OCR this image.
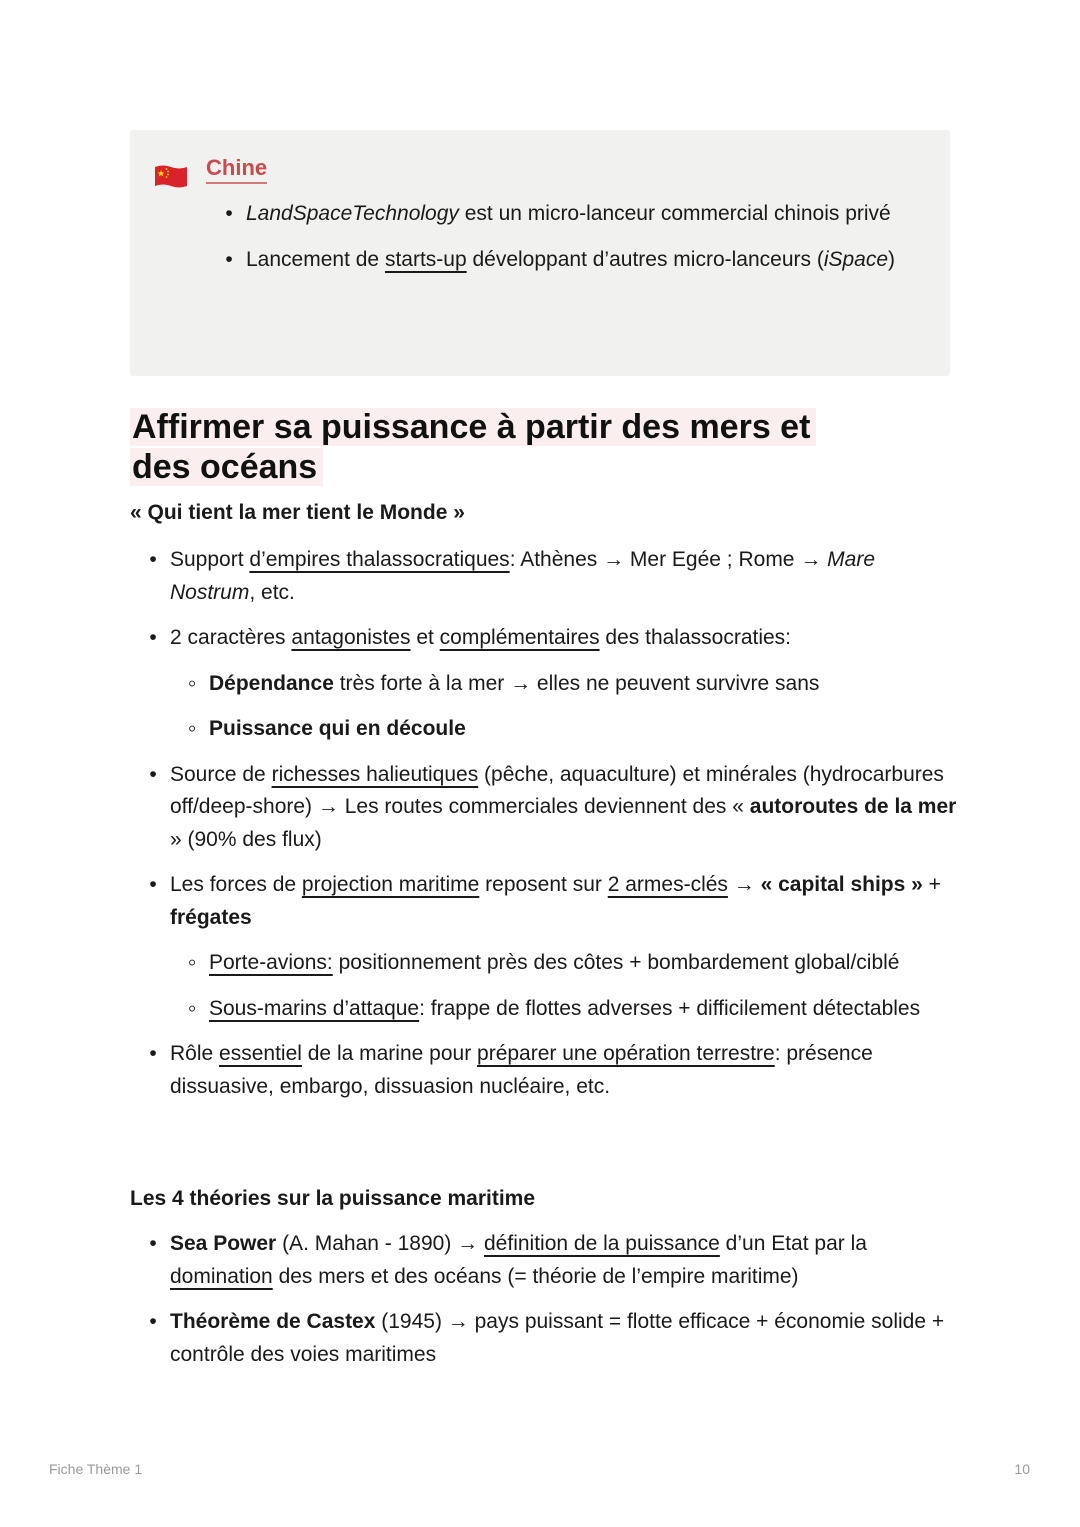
Chine
•
LandSpaceTechnology est un micro-lanceur commercial chinois privé
•
Lancement de starts-up développant d’autres micro-lanceurs (iSpace)
Affirmer sa puissance à partir des mers et des océans
« Qui tient la mer tient le Monde »
•
Support d’empires thalassocratiques: Athènes → Mer Egée ; Rome → Mare Nostrum, etc.
•
2 caractères antagonistes et complémentaires des thalassocraties:
◦
Dépendance très forte à la mer → elles ne peuvent survivre sans
◦
Puissance qui en découle
•
Source de richesses halieutiques (pêche, aquaculture) et minérales (hydrocarbures off/deep-shore) → Les routes commerciales deviennent des « autoroutes de la mer » (90% des flux)
•
Les forces de projection maritime reposent sur 2 armes-clés → « capital ships » + frégates
◦
Porte-avions: positionnement près des côtes + bombardement global/ciblé
◦
Sous-marins d’attaque: frappe de flottes adverses + difficilement détectables
•
Rôle essentiel de la marine pour préparer une opération terrestre: présence dissuasive, embargo, dissuasion nucléaire, etc.
Les 4 théories sur la puissance maritime
•
Sea Power (A. Mahan - 1890) → définition de la puissance d’un Etat par la domination des mers et des océans (= théorie de l’empire maritime)
•
Théorème de Castex (1945) → pays puissant = flotte efficace + économie solide + contrôle des voies maritimes
Fiche Thème 1	10
